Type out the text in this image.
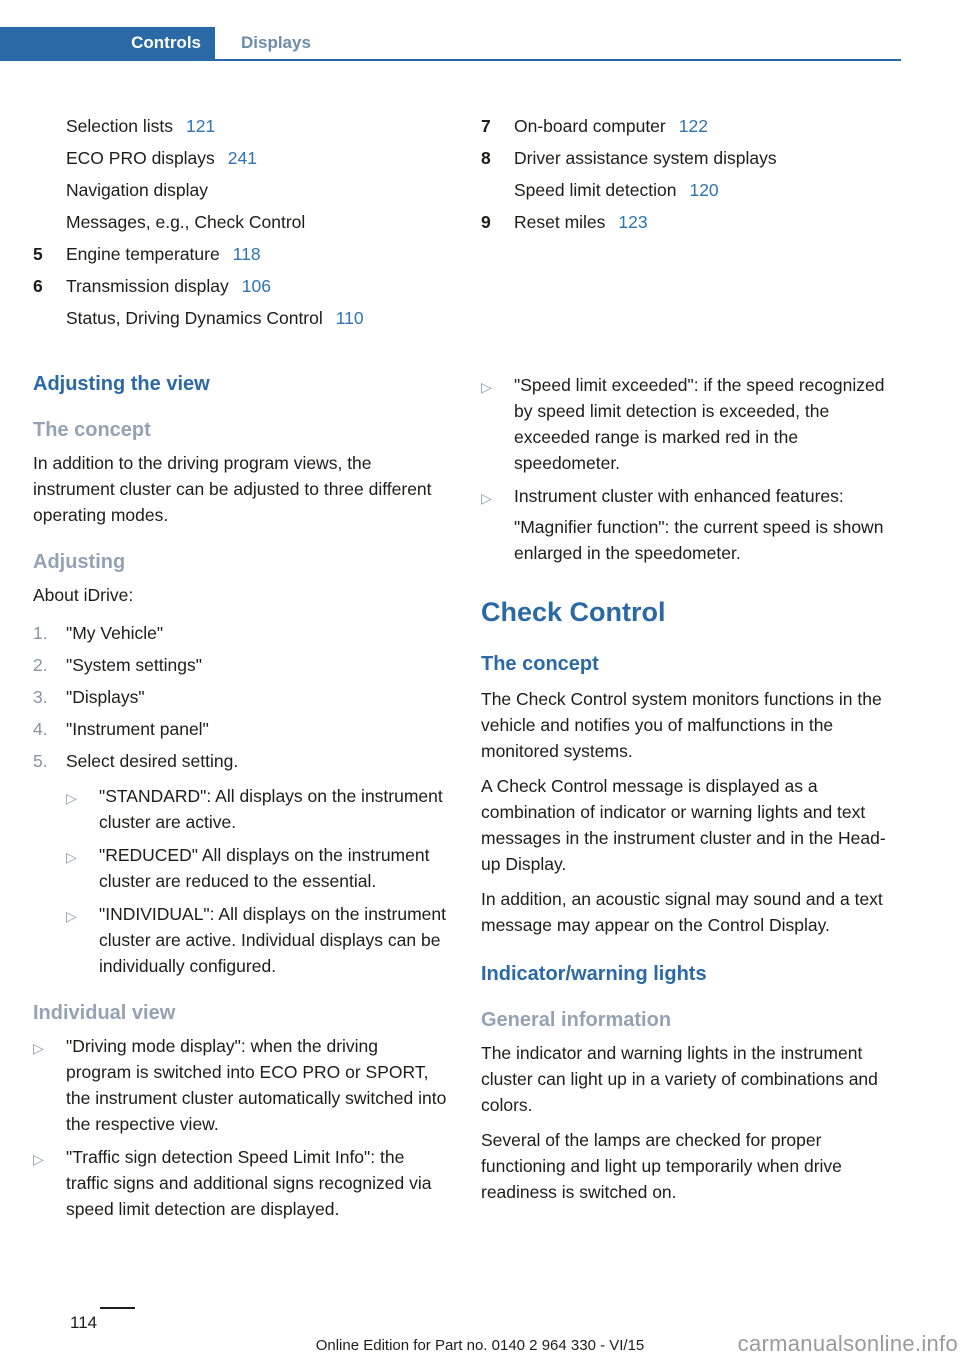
Controls Displays
Selection lists 121
ECO PRO displays 241
Navigation display
Messages, e.g., Check Control
5	Engine temperature 118
6	Transmission display 106
Status, Driving Dynamics Control 110
7	On-board computer 122
8	Driver assistance system displays
Speed limit detection 120
9	Reset miles 123
Adjusting the view
The concept

In addition to the driving program views, the instrument cluster can be adjusted to three different operating modes.

Adjusting

About iDrive:

1.	"My Vehicle"
2.	"System settings"
3.	"Displays"
4.	"Instrument panel"
5.	Select desired setting.
▷	"STANDARD": All displays on the instrument cluster are active.
▷	"REDUCED" All displays on the instrument cluster are reduced to the essential.
▷	"INDIVIDUAL": All displays on the instrument cluster are active. Individual displays can be individually configured.
Individual view
▷	"Driving mode display": when the driving program is switched into ECO PRO or SPORT, the instrument cluster automatically switched into the respective view.
▷	"Traffic sign detection Speed Limit Info": the traffic signs and additional signs recognized via speed limit detection are displayed.
▷	"Speed limit exceeded": if the speed recognized by speed limit detection is exceeded, the exceeded range is marked red in the speedometer.
▷	Instrument cluster with enhanced features:
"Magnifier function": the current speed is shown enlarged in the speedometer.
Check Control
The concept

The Check Control system monitors functions in the vehicle and notifies you of malfunctions in the monitored systems.

A Check Control message is displayed as a combination of indicator or warning lights and text messages in the instrument cluster and in the Head-up Display.

In addition, an acoustic signal may sound and a text message may appear on the Control Display.

Indicator/warning lights
General information

The indicator and warning lights in the instrument cluster can light up in a variety of combinations and colors.

Several of the lamps are checked for proper functioning and light up temporarily when drive readiness is switched on.

114
Online Edition for Part no. 0140 2 964 330 - VI/15	carmanualsonline.info
